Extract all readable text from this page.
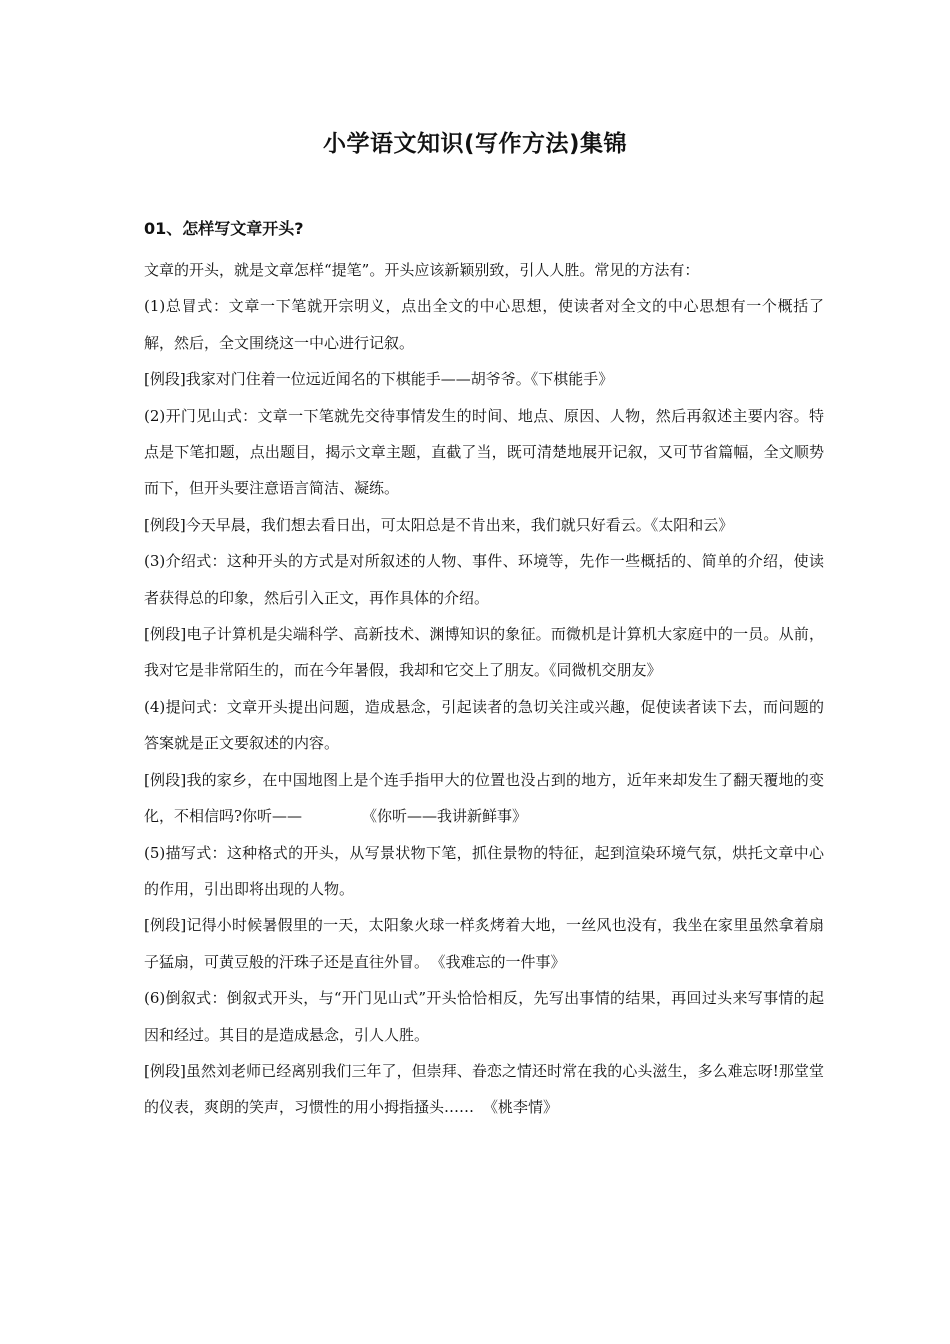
小学语文知识(写作方法)集锦
01、怎样写文章开头?

文章的开头，就是文章怎样“提笔”。开头应该新颖别致，引人人胜。常见的方法有：

(1)总冒式：文章一下笔就开宗明义，点出全文的中心思想，使读者对全文的中心思想有一个概括了解，然后，全文围绕这一中心进行记叙。

[例段]我家对门住着一位远近闻名的下棋能手——胡爷爷。《下棋能手》

(2)开门见山式：文章一下笔就先交待事情发生的时间、地点、原因、人物，然后再叙述主要内容。特点是下笔扣题，点出题目，揭示文章主题，直截了当，既可清楚地展开记叙，又可节省篇幅，全文顺势而下，但开头要注意语言简洁、凝练。

[例段]今天早晨，我们想去看日出，可太阳总是不肯出来，我们就只好看云。《太阳和云》

(3)介绍式：这种开头的方式是对所叙述的人物、事件、环境等，先作一些概括的、简单的介绍，使读者获得总的印象，然后引入正文，再作具体的介绍。

[例段]电子计算机是尖端科学、高新技术、渊博知识的象征。而微机是计算机大家庭中的一员。从前，我对它是非常陌生的，而在今年暑假，我却和它交上了朋友。《同微机交朋友》

(4)提问式：文章开头提出问题，造成悬念，引起读者的急切关注或兴趣，促使读者读下去，而问题的答案就是正文要叙述的内容。

[例段]我的家乡，在中国地图上是个连手指甲大的位置也没占到的地方，近年来却发生了翻天覆地的变化，不相信吗?你听——	《你听——我讲新鲜事》

(5)描写式：这种格式的开头，从写景状物下笔，抓住景物的特征，起到渲染环境气氛，烘托文章中心的作用，引出即将出现的人物。

[例段]记得小时候暑假里的一天，太阳象火球一样炙烤着大地，一丝风也没有，我坐在家里虽然拿着扇子猛扇，可黄豆般的汗珠子还是直往外冒。 《我难忘的一件事》

(6)倒叙式：倒叙式开头，与“开门见山式”开头恰恰相反，先写出事情的结果，再回过头来写事情的起因和经过。其目的是造成悬念，引人人胜。

[例段]虽然刘老师已经离别我们三年了，但崇拜、眷恋之情还时常在我的心头滋生，多么难忘呀!那堂堂的仪表，爽朗的笑声，习惯性的用小拇指搔头…… 《桃李情》
